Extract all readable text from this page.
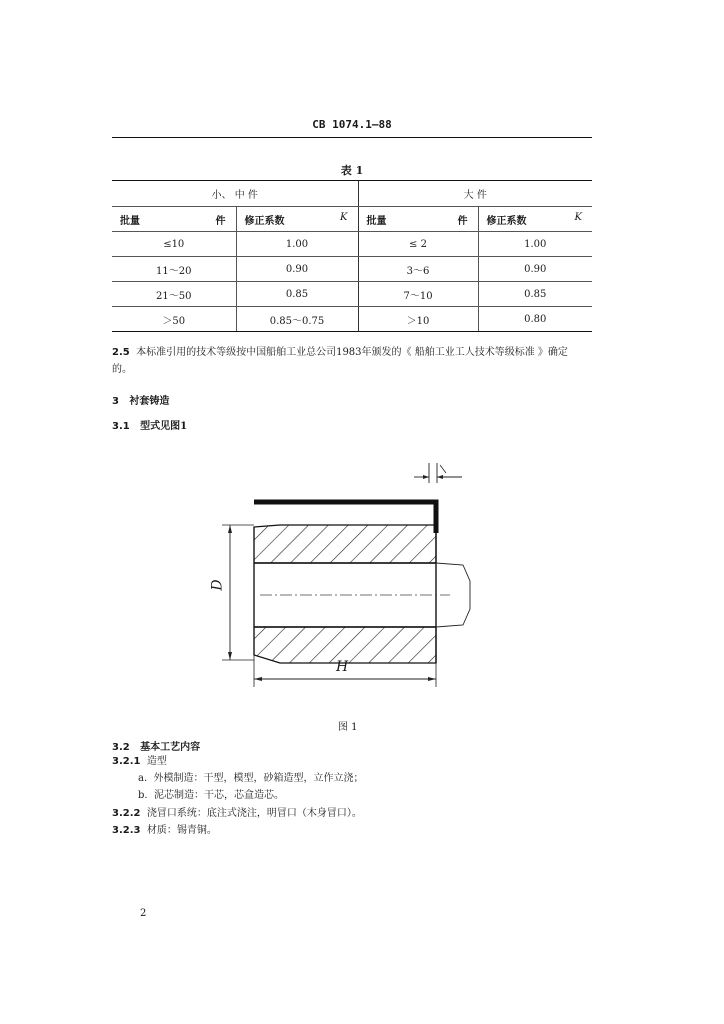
CB 1074.1—88
表 1
小、 中 件		大 件	

批量 件	修正系数 K	批量 件	修正系数 K

≤10	1.00	≤ 2	1.00
11～20	0.90	3～6	0.90
21～50	0.85	7～10	0.85
＞50	0.85～0.75	＞10	0.80
2.5 本标准引用的技术等级按中国船舶工业总公司1983年颁发的《 船舶工业工人技术等级标准 》确定
的。
3 衬套铸造
3.1 型式见图1
D
H
图 1
3.2 基本工艺内容
3.2.1 造型
a. 外模制造：干型，模型，砂箱造型，立作立浇；
b. 泥芯制造：干芯，芯盒造芯。
3.2.2 浇冒口系统：底注式浇注，明冒口（木身冒口）。
3.2.3 材质：锡青铜。
2
